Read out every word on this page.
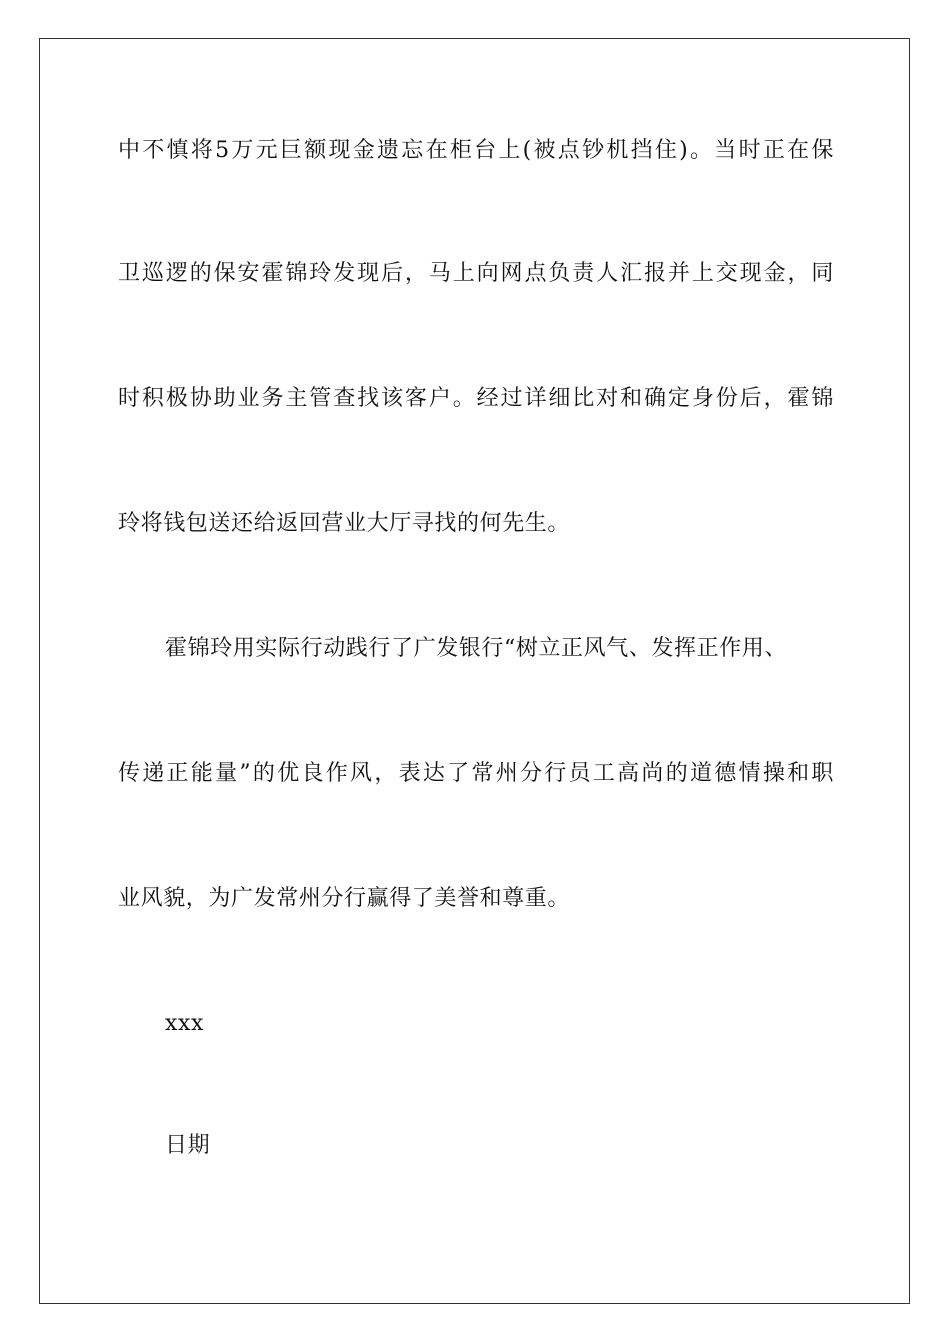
中不慎将5万元巨额现金遗忘在柜台上(被点钞机挡住)。当时正在保
卫巡逻的保安霍锦玲发现后，马上向网点负责人汇报并上交现金，同
时积极协助业务主管查找该客户。经过详细比对和确定身份后，霍锦
玲将钱包送还给返回营业大厅寻找的何先生。
霍锦玲用实际行动践行了广发银行“树立正风气、发挥正作用、
传递正能量”的优良作风，表达了常州分行员工高尚的道德情操和职
业风貌，为广发常州分行赢得了美誉和尊重。
xxx
日期
